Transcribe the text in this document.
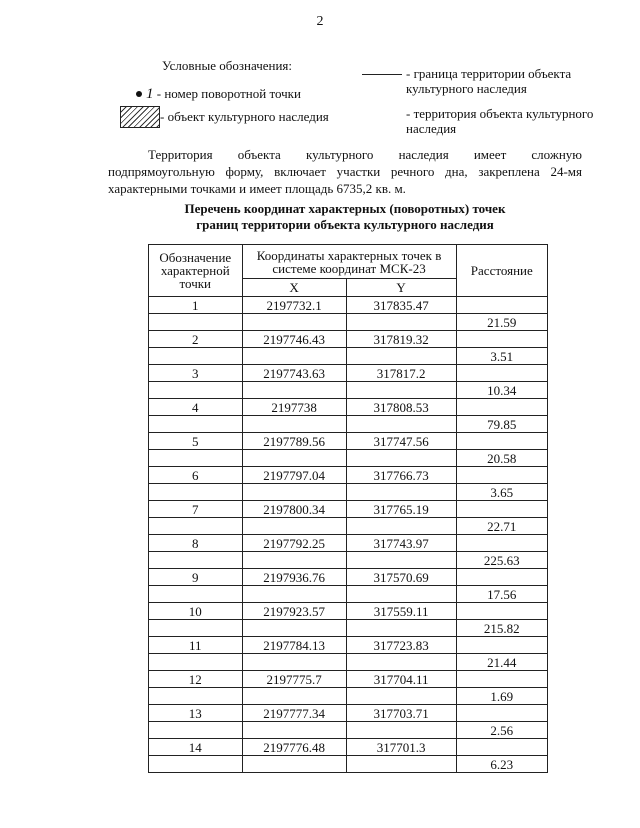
2
Условные обозначения:
1 - номер поворотной точки
- объект культурного наследия
- граница территории объекта культурного наследия
- территория объекта культурного наследия
Территория объекта культурного наследия имеет сложную подпрямоугольную форму, включает участки речного дна, закреплена 24-мя характерными точками и имеет площадь 6735,2 кв. м.
Перечень координат характерных (поворотных) точек
границ территории объекта культурного наследия
Обозначение характерной точки	Координаты характерных точек в системе координат МСК-23		Расстояние
	X	Y	
1	2197732.1	317835.47	
			21.59
2	2197746.43	317819.32	
			3.51
3	2197743.63	317817.2	
			10.34
4	2197738	317808.53	
			79.85
5	2197789.56	317747.56	
			20.58
6	2197797.04	317766.73	
			3.65
7	2197800.34	317765.19	
			22.71
8	2197792.25	317743.97	
			225.63
9	2197936.76	317570.69	
			17.56
10	2197923.57	317559.11	
			215.82
11	2197784.13	317723.83	
			21.44
12	2197775.7	317704.11	
			1.69
13	2197777.34	317703.71	
			2.56
14	2197776.48	317701.3	
			6.23
